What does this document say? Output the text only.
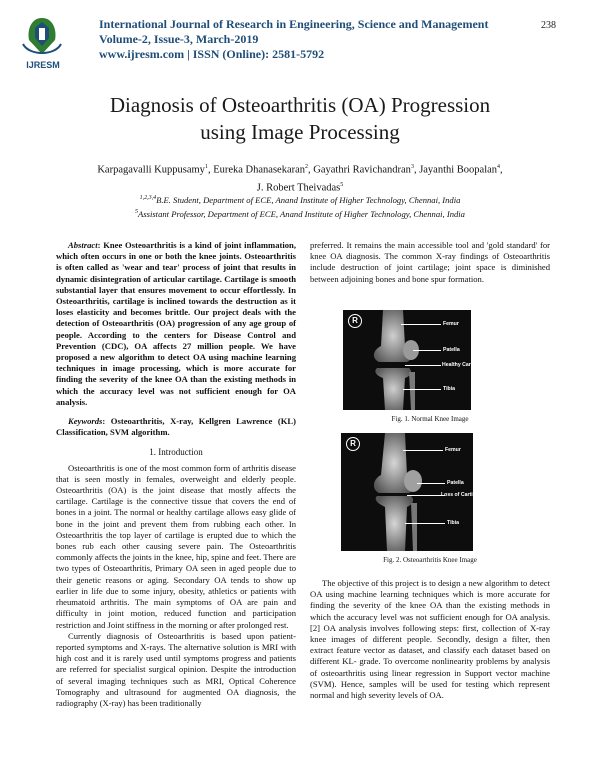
IJRESM
International Journal of Research in Engineering, Science and Management
Volume-2, Issue-3, March-2019
www.ijresm.com | ISSN (Online): 2581-5792
238
Diagnosis of Osteoarthritis (OA) Progression
using Image Processing
Karpagavalli Kuppusamy$^1$, Eureka Dhanasekaran$^2$, Gayathri Ravichandran$^3$, Jayanthi Boopalan$^4$,
J. Robert Theivadas$^5$
$^{1,2,3,4}$B.E. Student, Department of ECE, Anand Institute of Higher Technology, Chennai, India
$^5$Assistant Professor, Department of ECE, Anand Institute of Higher Technology, Chennai, India

Abstract: Knee Osteoarthritis is a kind of joint inflammation, which often occurs in one or both the knee joints. Osteoarthritis is often called as 'wear and tear' process of joint that results in dynamic disintegration of articular cartilage. Cartilage is smooth substantial layer that ensures movement to occur effortlessly. In Osteoarthritis, cartilage is inclined towards the destruction as it loses elasticity and becomes brittle. Our project deals with the detection of Osteoarthritis (OA) progression of any age group of people. According to the centers for Disease Control and Prevention (CDC), OA affects 27 million people. We have proposed a new algorithm to detect OA using machine learning techniques in image processing, which is more accurate for finding the severity of the knee OA than the existing methods in which the accuracy level was not sufficient enough for OA analysis.

Keywords: Osteoarthritis, X-ray, Kellgren Lawrence (KL) Classification, SVM algorithm.

1. Introduction

Osteoarthritis is one of the most common form of arthritis disease that is seen mostly in females, overweight and elderly people. Osteoarthritis (OA) is the joint disease that mostly affects the cartilage. Cartilage is the connective tissue that covers the end of bones in a joint. The normal or healthy cartilage allows easy glide of bone in the joint and prevent them from rubbing each other. In Osteoarthritis the top layer of cartilage is erupted due to which the bones rub each other causing severe pain. The Osteoarthritis commonly affects the joints in the knee, hip, spine and feet. There are two types of Osteoarthritis, Primary OA seen in aged people due to their genetic reasons or aging. Secondary OA tends to show up earlier in life due to some injury, obesity, athletics or patients with rheumatoid arthritis. The main symptoms of OA are pain and difficulty in joint motion, reduced function and participation restriction and Joint stiffness in the morning or after prolonged rest.

Currently diagnosis of Osteoarthritis is based upon patient-reported symptoms and X-rays. The alternative solution is MRI with high cost and it is rarely used until symptoms progress and patients are referred for specialist surgical opinion. Despite the introduction of several imaging techniques such as MRI, Optical Coherence Tomography and ultrasound for augmented OA diagnosis, the radiography (X-ray) has been traditionally

preferred. It remains the main accessible tool and 'gold standard' for knee OA diagnosis. The common X-ray findings of Osteoarthritis include destruction of joint cartilage; joint space is diminished between adjoining bones and bone spur formation.

R	Femur
Patella
Healthy Cartilage
Tibia
Fig. 1. Normal Knee Image
R
Femur
Patella
Loss of Cartilage
Tibia
Fig. 2. Osteoarthritis Knee Image

The objective of this project is to design a new algorithm to detect OA using machine learning techniques which is more accurate for finding the severity of the knee OA than the existing methods in which the accuracy level was not sufficient enough for OA analysis. [2] OA analysis involves following steps: first, collection of X-ray knee images of different people. Secondly, design a filter, then extract feature vector as dataset, and classify each dataset based on different KL- grade. To overcome nonlinearity problems by analysis of osteoarthritis using linear regression in Support vector machine (SVM). Hence, samples will be used for testing which represent normal and high severity levels of OA.
